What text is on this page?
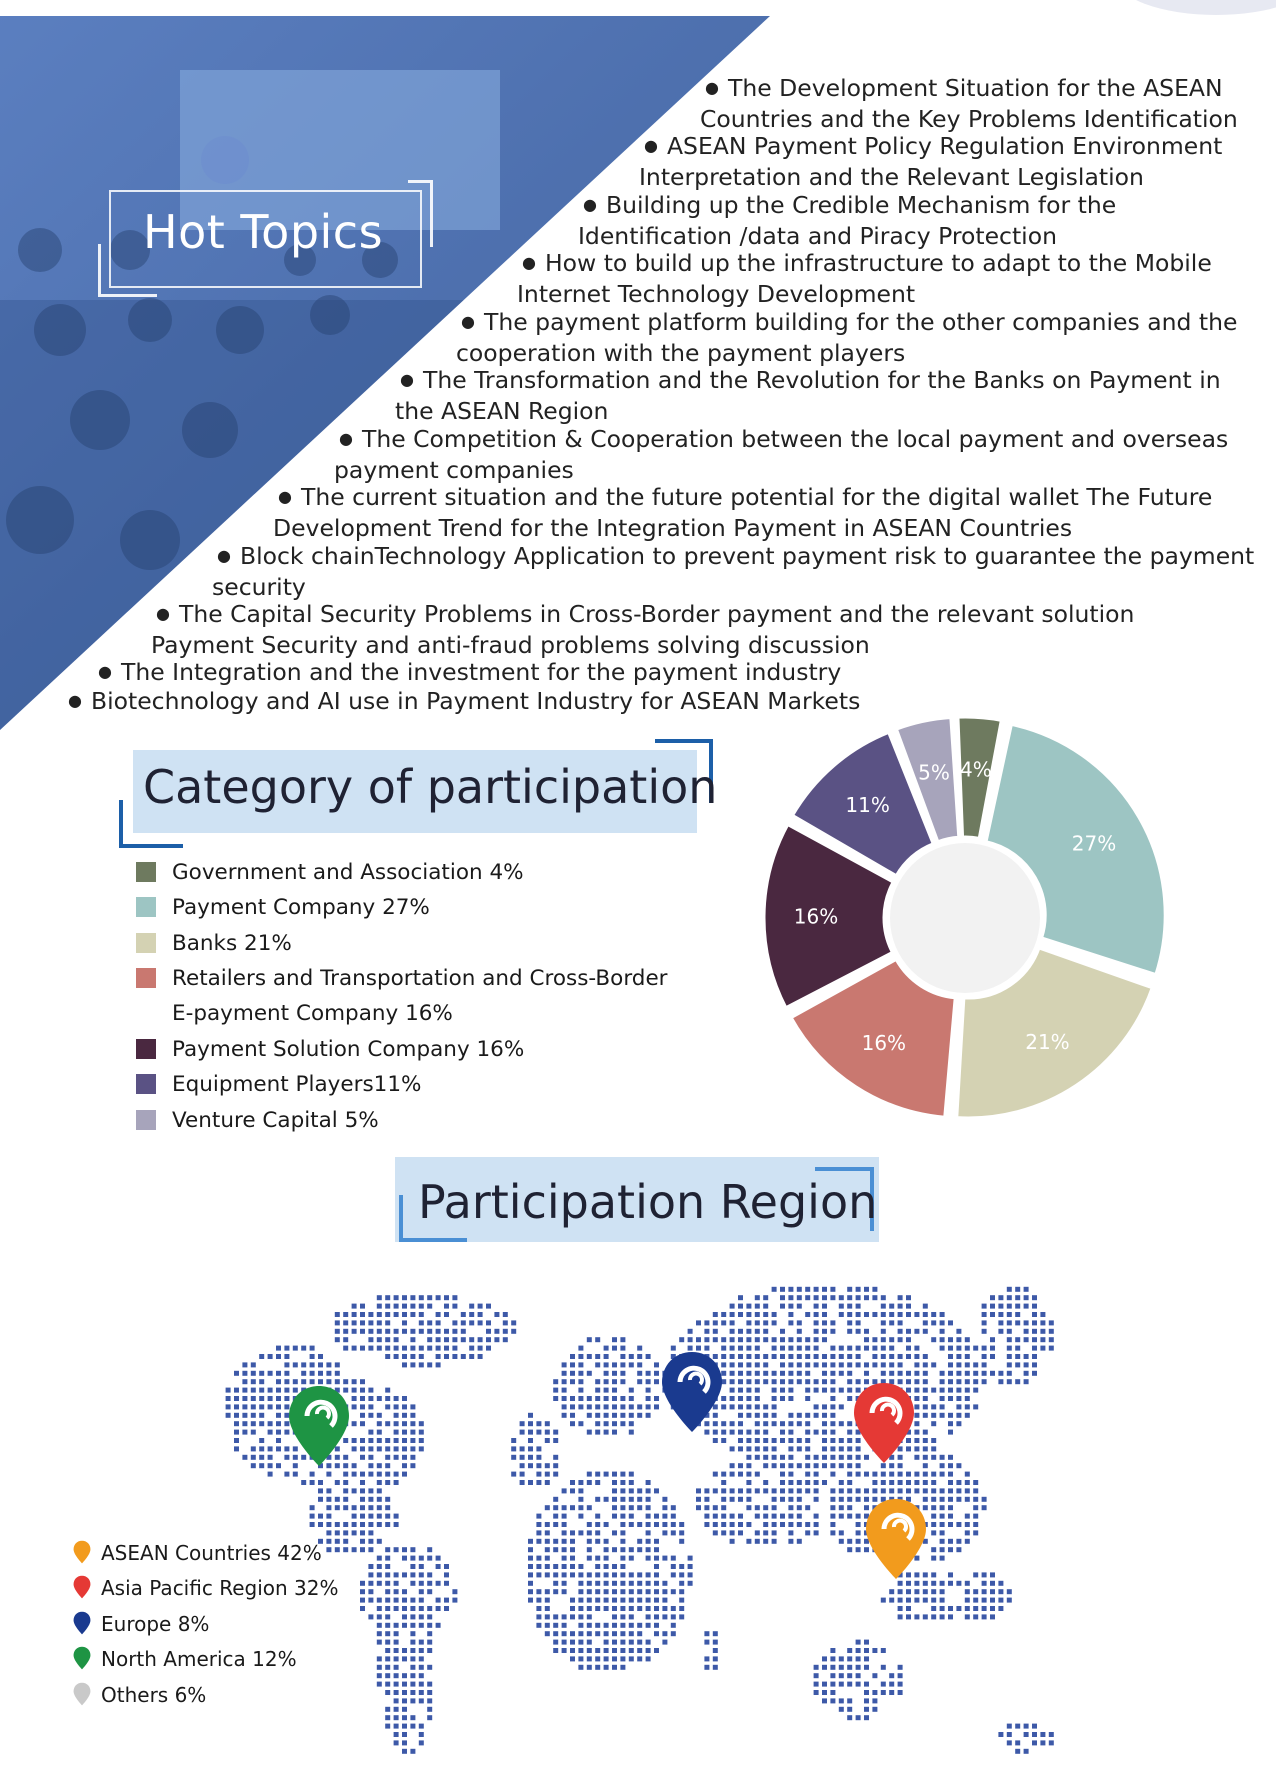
Hot Topics
● The Development Situation for the ASEAN
Countries and the Key Problems Identification
● ASEAN Payment Policy Regulation Environment
Interpretation and the Relevant Legislation
● Building up the Credible Mechanism for the
Identification /data and Piracy Protection
● How to build up the infrastructure to adapt to the Mobile
Internet Technology Development
● The payment platform building for the other companies and the
cooperation with the payment players
● The Transformation and the Revolution for the Banks on Payment in
the ASEAN Region
● The Competition & Cooperation between the local payment and overseas
payment companies
● The current situation and the future potential for the digital wallet The Future
Development Trend for the Integration Payment in ASEAN Countries
● Block chainTechnology Application to prevent payment risk to guarantee the payment
security
● The Capital Security Problems in Cross-Border payment and the relevant solution
Payment Security and anti-fraud problems solving discussion
● The Integration and the investment for the payment industry
● Biotechnology and AI use in Payment Industry for ASEAN Markets
Category of participation
Government and Association 4%
Payment Company 27%
Banks 21%
Retailers and Transportation and Cross-Border
E-payment Company 16%
Payment Solution Company 16%
Equipment Players11%
Venture Capital 5%
4%
27%
21%
16%
16%
11%
5%
Participation Region
ASEAN Countries 42%
Asia Pacific Region 32%
Europe 8%
North America 12%
Others 6%
